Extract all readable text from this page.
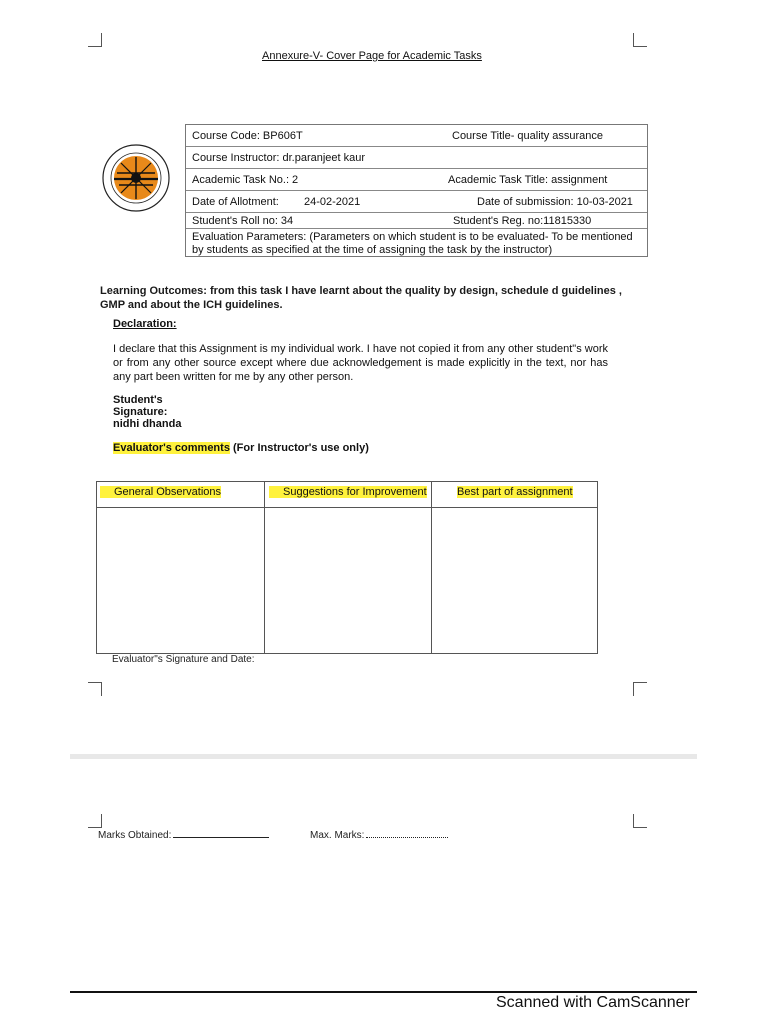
Annexure-V- Cover Page for Academic Tasks
Course Code: BP606T	Course Title- quality assurance
Course Instructor: dr.paranjeet kaur
Academic Task No.: 2	Academic Task Title: assignment
Date of Allotment: 24-02-2021	Date of submission: 10-03-2021
Student's Roll no: 34	Student's Reg. no:11815330
Evaluation Parameters: (Parameters on which student is to be evaluated- To be mentioned by students as specified at the time of assigning the task by the instructor)
Learning Outcomes: from this task I have learnt about the quality by design, schedule d guidelines , GMP and about the ICH guidelines.
Declaration:
I declare that this Assignment is my individual work. I have not copied it from any other student"s work or from any other source except where due acknowledgement is made explicitly in the text, nor has any part been written for me by any other person.
Student's
Signature:
nidhi dhanda
Evaluator's comments (For Instructor's use only)
General Observations	Suggestions for Improvement	Best part of assignment
Evaluator"s Signature and Date:
Marks Obtained:	Max. Marks:
Scanned with CamScanner
